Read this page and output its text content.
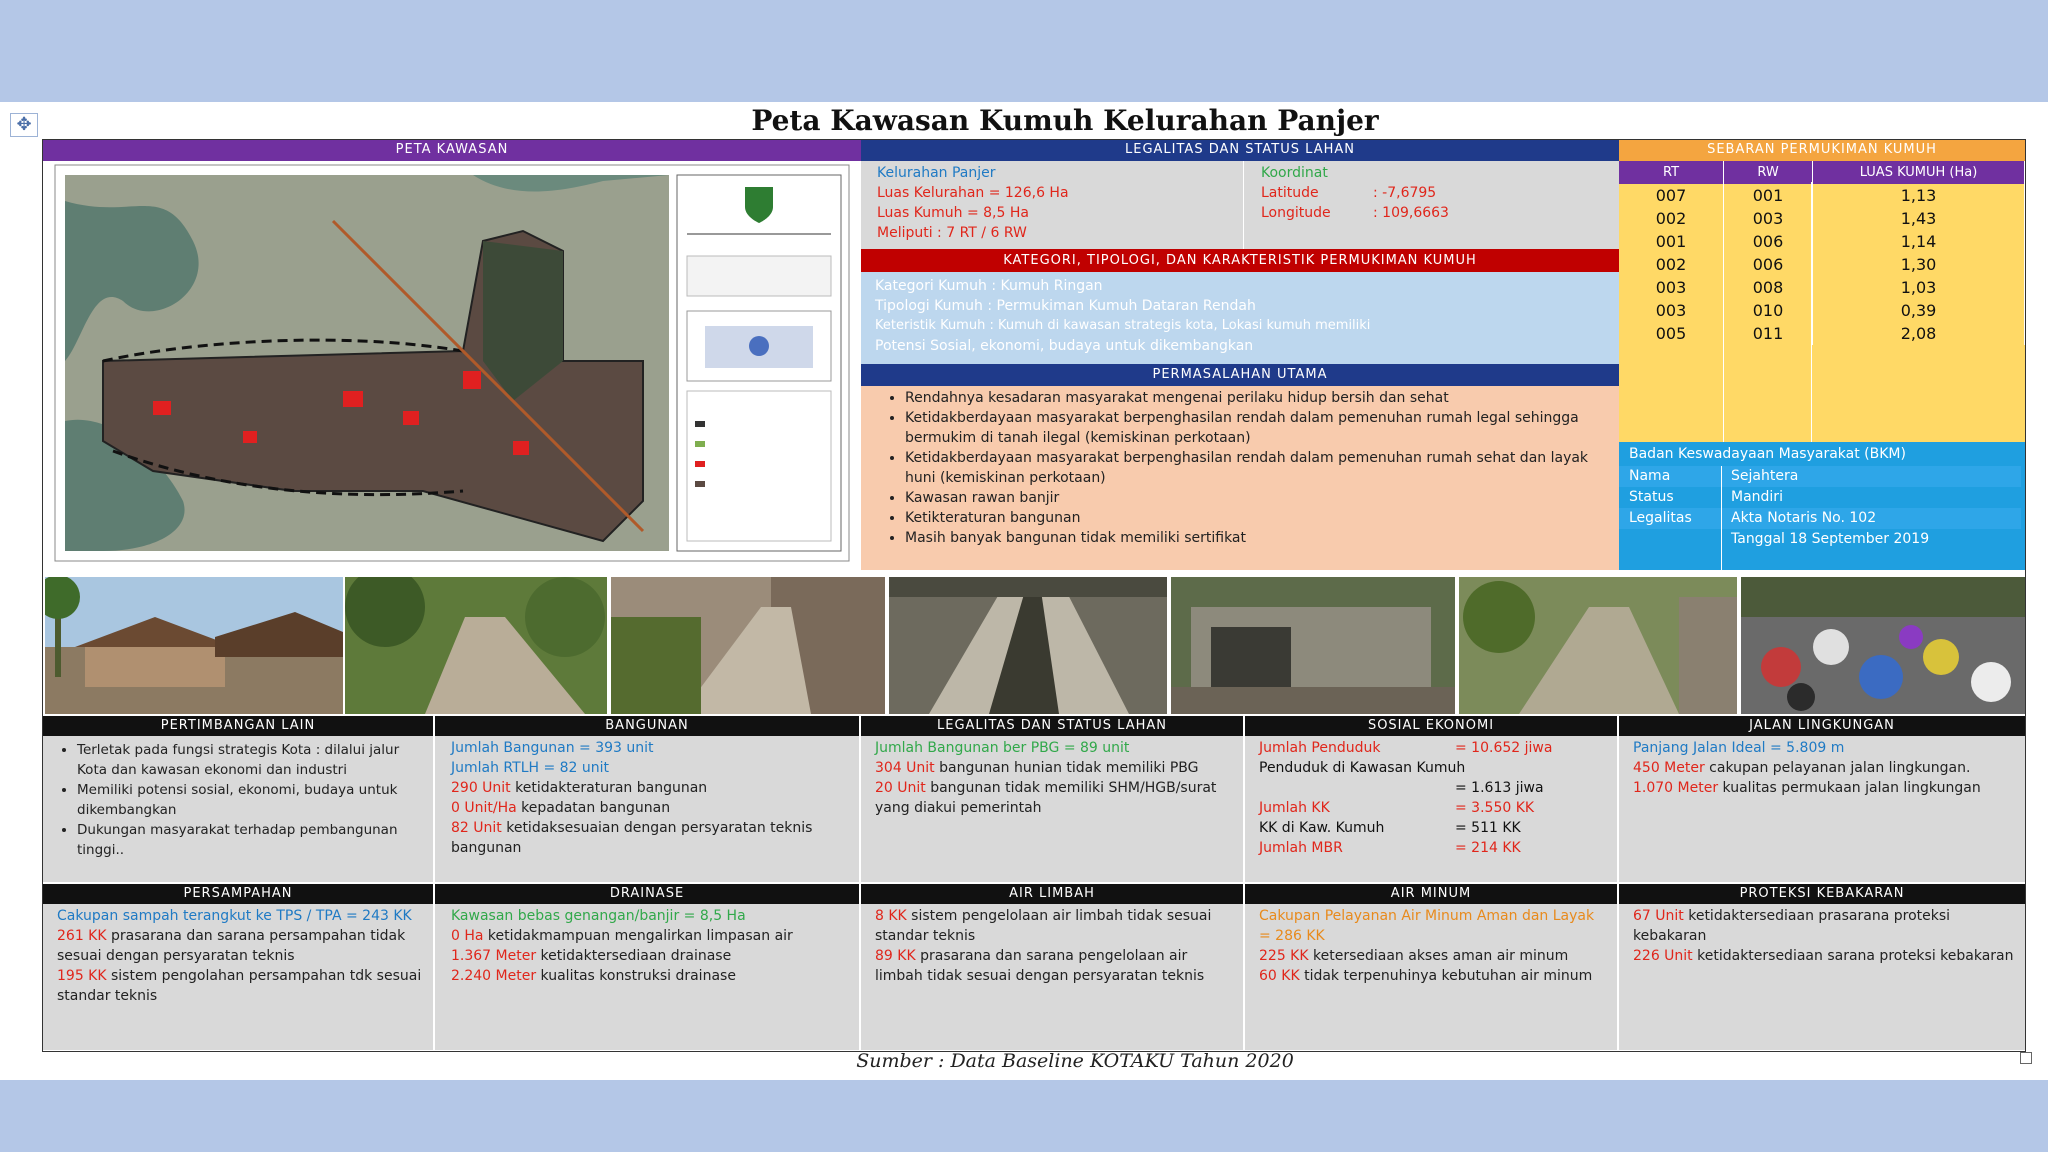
✥	Peta Kawasan Kumuh Kelurahan Panjer
PETA KAWASAN	LEGALITAS DAN STATUS LAHAN
Kelurahan Panjer
Luas Kelurahan = 126,6 Ha
Luas Kumuh = 8,5 Ha
Meliputi : 7 RT / 6 RW
Koordinat
Latitude	: -7,6795
Longitude	: 109,6663
KATEGORI, TIPOLOGI, DAN KARAKTERISTIK PERMUKIMAN KUMUH
Kategori Kumuh : Kumuh Ringan
Tipologi Kumuh : Permukiman Kumuh Dataran Rendah
Keteristik Kumuh : Kumuh di kawasan strategis kota, Lokasi kumuh memiliki
Potensi Sosial, ekonomi, budaya untuk dikembangkan
PERMASALAHAN UTAMA
• Rendahnya kesadaran masyarakat mengenai perilaku hidup bersih dan sehat
• Ketidakberdayaan masyarakat berpenghasilan rendah dalam pemenuhan rumah legal sehingga bermukim di tanah ilegal (kemiskinan perkotaan)
• Ketidakberdayaan masyarakat berpenghasilan rendah dalam pemenuhan rumah sehat dan layak huni (kemiskinan perkotaan)
• Kawasan rawan banjir
• Ketikteraturan bangunan
• Masih banyak bangunan tidak memiliki sertifikat
SEBARAN PERMUKIMAN KUMUH
RT	RW	LUAS KUMUH (Ha)
007	001	1,13
002	003	1,43
001	006	1,14
002	006	1,30
003	008	1,03
003	010	0,39
005	011	2,08
Badan Keswadayaan Masyarakat (BKM)
Nama	Sejahtera
Status	Mandiri
Legalitas	Akta Notaris No. 102
Tanggal 18 September 2019
PERTIMBANGAN LAIN
• Terletak pada fungsi strategis Kota : dilalui jalur Kota dan kawasan ekonomi dan industri
• Memiliki potensi sosial, ekonomi, budaya untuk dikembangkan
• Dukungan masyarakat terhadap pembangunan tinggi..
BANGUNAN
Jumlah Bangunan = 393 unit
Jumlah RTLH = 82 unit
290 Unit ketidakteraturan bangunan
0 Unit/Ha kepadatan bangunan
82 Unit ketidaksesuaian dengan persyaratan teknis bangunan
LEGALITAS DAN STATUS LAHAN
Jumlah Bangunan ber PBG = 89 unit
304 Unit bangunan hunian tidak memiliki PBG
20 Unit bangunan tidak memiliki SHM/HGB/surat yang diakui pemerintah
SOSIAL EKONOMI
Jumlah Penduduk	= 10.652 jiwa
Penduduk di Kawasan Kumuh
= 1.613 jiwa
Jumlah KK	= 3.550 KK
KK di Kaw. Kumuh	= 511 KK
Jumlah MBR	= 214 KK
JALAN LINGKUNGAN
Panjang Jalan Ideal = 5.809 m
450 Meter cakupan pelayanan jalan lingkungan.
1.070 Meter kualitas permukaan jalan lingkungan
PERSAMPAHAN
Cakupan sampah terangkut ke TPS / TPA = 243 KK
261 KK prasarana dan sarana persampahan tidak sesuai dengan persyaratan teknis
195 KK sistem pengolahan persampahan tdk sesuai standar teknis
DRAINASE
Kawasan bebas genangan/banjir = 8,5 Ha
0 Ha ketidakmampuan mengalirkan limpasan air
1.367 Meter ketidaktersediaan drainase
2.240 Meter kualitas konstruksi drainase
AIR LIMBAH
8 KK sistem pengelolaan air limbah tidak sesuai standar teknis
89 KK prasarana dan sarana pengelolaan air limbah tidak sesuai dengan persyaratan teknis
AIR MINUM
Cakupan Pelayanan Air Minum Aman dan Layak = 286 KK
225 KK ketersediaan akses aman air minum
60 KK tidak terpenuhinya kebutuhan air minum
PROTEKSI KEBAKARAN
67 Unit ketidaktersediaan prasarana proteksi kebakaran
226 Unit ketidaktersediaan sarana proteksi kebakaran
Sumber : Data Baseline KOTAKU Tahun 2020
